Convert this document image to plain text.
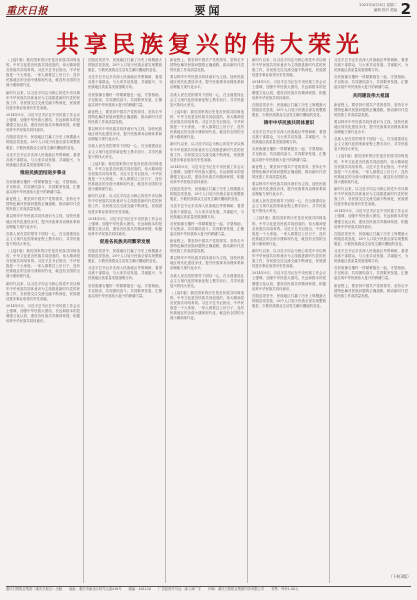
重庆日报	要闻	2023年4月25日 星期二
编辑 校对 美编 2
共享民族复兴的伟大荣光

（上接1版）我们国家的历史是各民族共同缔造的，中华文化是各民族共同创造的，伟大精神是各民族共同培育的。习近平总书记指出，中华民族是一个大家庭，一家人都要过上好日子，没有民族地区的全面小康和现代化，就没有全国的全面小康和现代化。

新时代以来，以习近平同志为核心的党中央以铸牢中华民族共同体意识为主线推进新时代党的民族工作，各民族交往交流交融不断深化，民族团结进步事业取得历史性成就。

2014年9月，习近平总书记在中央民族工作会议上强调，加强中华民族大团结，长远和根本的是增强文化认同，建设各民族共有精神家园，积极培养中华民族共同体意识。

在脱贫攻坚中，民族地区打赢了历史上规模最大的脱贫攻坚战，28个人口较少民族全部实现整族脱贫，少数民族群众生活发生翻天覆地的变化。

习近平总书记多次深入民族地区考察调研，看望各族干部群众，与大家共话发展、共谋振兴，为民族地区高质量发展指明方向。

推进民族团结进步事业

各民族像石榴籽一样紧紧抱在一起，守望相助、手足相亲，共同团结奋斗、共同繁荣发展，汇聚起实现中华民族伟大复兴的磅礴力量。

新征程上，要坚持中国共产党的领导，坚持走中国特色解决民族问题的正确道路，推动新时代党的民族工作高质量发展。

要以铸牢中华民族共同体意识为主线，加快民族地区现代化建设步伐，提升民族事务治理体系和治理能力现代化水平。

各族人民在党的领导下团结一心，在全面建设社会主义现代化国家新征程上携手前行，共享民族复兴的伟大荣光。

（上接1版）我们国家的历史是各民族共同缔造的，中华文化是各民族共同创造的，伟大精神是各民族共同培育的。习近平总书记指出，中华民族是一个大家庭，一家人都要过上好日子，没有民族地区的全面小康和现代化，就没有全国的全面小康和现代化。

新时代以来，以习近平同志为核心的党中央以铸牢中华民族共同体意识为主线推进新时代党的民族工作，各民族交往交流交融不断深化，民族团结进步事业取得历史性成就。

2014年9月，习近平总书记在中央民族工作会议上强调，加强中华民族大团结，长远和根本的是增强文化认同，建设各民族共有精神家园，积极培养中华民族共同体意识。

在脱贫攻坚中，民族地区打赢了历史上规模最大的脱贫攻坚战，28个人口较少民族全部实现整族脱贫，少数民族群众生活发生翻天覆地的变化。

习近平总书记多次深入民族地区考察调研，看望各族干部群众，与大家共话发展、共谋振兴，为民族地区高质量发展指明方向。

各民族像石榴籽一样紧紧抱在一起，守望相助、手足相亲，共同团结奋斗、共同繁荣发展，汇聚起实现中华民族伟大复兴的磅礴力量。

新征程上，要坚持中国共产党的领导，坚持走中国特色解决民族问题的正确道路，推动新时代党的民族工作高质量发展。

要以铸牢中华民族共同体意识为主线，加快民族地区现代化建设步伐，提升民族事务治理体系和治理能力现代化水平。

各族人民在党的领导下团结一心，在全面建设社会主义现代化国家新征程上携手前行，共享民族复兴的伟大荣光。

（上接1版）我们国家的历史是各民族共同缔造的，中华文化是各民族共同创造的，伟大精神是各民族共同培育的。习近平总书记指出，中华民族是一个大家庭，一家人都要过上好日子，没有民族地区的全面小康和现代化，就没有全国的全面小康和现代化。

新时代以来，以习近平同志为核心的党中央以铸牢中华民族共同体意识为主线推进新时代党的民族工作，各民族交往交流交融不断深化，民族团结进步事业取得历史性成就。

2014年9月，习近平总书记在中央民族工作会议上强调，加强中华民族大团结，长远和根本的是增强文化认同，建设各民族共有精神家园，积极培养中华民族共同体意识。

促进各民族共同繁荣发展

在脱贫攻坚中，民族地区打赢了历史上规模最大的脱贫攻坚战，28个人口较少民族全部实现整族脱贫，少数民族群众生活发生翻天覆地的变化。

习近平总书记多次深入民族地区考察调研，看望各族干部群众，与大家共话发展、共谋振兴，为民族地区高质量发展指明方向。

各民族像石榴籽一样紧紧抱在一起，守望相助、手足相亲，共同团结奋斗、共同繁荣发展，汇聚起实现中华民族伟大复兴的磅礴力量。

新征程上，要坚持中国共产党的领导，坚持走中国特色解决民族问题的正确道路，推动新时代党的民族工作高质量发展。

要以铸牢中华民族共同体意识为主线，加快民族地区现代化建设步伐，提升民族事务治理体系和治理能力现代化水平。

各族人民在党的领导下团结一心，在全面建设社会主义现代化国家新征程上携手前行，共享民族复兴的伟大荣光。

（上接1版）我们国家的历史是各民族共同缔造的，中华文化是各民族共同创造的，伟大精神是各民族共同培育的。习近平总书记指出，中华民族是一个大家庭，一家人都要过上好日子，没有民族地区的全面小康和现代化，就没有全国的全面小康和现代化。

新时代以来，以习近平同志为核心的党中央以铸牢中华民族共同体意识为主线推进新时代党的民族工作，各民族交往交流交融不断深化，民族团结进步事业取得历史性成就。

2014年9月，习近平总书记在中央民族工作会议上强调，加强中华民族大团结，长远和根本的是增强文化认同，建设各民族共有精神家园，积极培养中华民族共同体意识。

在脱贫攻坚中，民族地区打赢了历史上规模最大的脱贫攻坚战，28个人口较少民族全部实现整族脱贫，少数民族群众生活发生翻天覆地的变化。

习近平总书记多次深入民族地区考察调研，看望各族干部群众，与大家共话发展、共谋振兴，为民族地区高质量发展指明方向。

各民族像石榴籽一样紧紧抱在一起，守望相助、手足相亲，共同团结奋斗、共同繁荣发展，汇聚起实现中华民族伟大复兴的磅礴力量。

新征程上，要坚持中国共产党的领导，坚持走中国特色解决民族问题的正确道路，推动新时代党的民族工作高质量发展。

要以铸牢中华民族共同体意识为主线，加快民族地区现代化建设步伐，提升民族事务治理体系和治理能力现代化水平。

各族人民在党的领导下团结一心，在全面建设社会主义现代化国家新征程上携手前行，共享民族复兴的伟大荣光。

（上接1版）我们国家的历史是各民族共同缔造的，中华文化是各民族共同创造的，伟大精神是各民族共同培育的。习近平总书记指出，中华民族是一个大家庭，一家人都要过上好日子，没有民族地区的全面小康和现代化，就没有全国的全面小康和现代化。

新时代以来，以习近平同志为核心的党中央以铸牢中华民族共同体意识为主线推进新时代党的民族工作，各民族交往交流交融不断深化，民族团结进步事业取得历史性成就。

2014年9月，习近平总书记在中央民族工作会议上强调，加强中华民族大团结，长远和根本的是增强文化认同，建设各民族共有精神家园，积极培养中华民族共同体意识。

在脱贫攻坚中，民族地区打赢了历史上规模最大的脱贫攻坚战，28个人口较少民族全部实现整族脱贫，少数民族群众生活发生翻天覆地的变化。

铸牢中华民族共同体意识

习近平总书记多次深入民族地区考察调研，看望各族干部群众，与大家共话发展、共谋振兴，为民族地区高质量发展指明方向。

各民族像石榴籽一样紧紧抱在一起，守望相助、手足相亲，共同团结奋斗、共同繁荣发展，汇聚起实现中华民族伟大复兴的磅礴力量。

新征程上，要坚持中国共产党的领导，坚持走中国特色解决民族问题的正确道路，推动新时代党的民族工作高质量发展。

要以铸牢中华民族共同体意识为主线，加快民族地区现代化建设步伐，提升民族事务治理体系和治理能力现代化水平。

各族人民在党的领导下团结一心，在全面建设社会主义现代化国家新征程上携手前行，共享民族复兴的伟大荣光。

（上接1版）我们国家的历史是各民族共同缔造的，中华文化是各民族共同创造的，伟大精神是各民族共同培育的。习近平总书记指出，中华民族是一个大家庭，一家人都要过上好日子，没有民族地区的全面小康和现代化，就没有全国的全面小康和现代化。

新时代以来，以习近平同志为核心的党中央以铸牢中华民族共同体意识为主线推进新时代党的民族工作，各民族交往交流交融不断深化，民族团结进步事业取得历史性成就。

2014年9月，习近平总书记在中央民族工作会议上强调，加强中华民族大团结，长远和根本的是增强文化认同，建设各民族共有精神家园，积极培养中华民族共同体意识。

在脱贫攻坚中，民族地区打赢了历史上规模最大的脱贫攻坚战，28个人口较少民族全部实现整族脱贫，少数民族群众生活发生翻天覆地的变化。

习近平总书记多次深入民族地区考察调研，看望各族干部群众，与大家共话发展、共谋振兴，为民族地区高质量发展指明方向。

各民族像石榴籽一样紧紧抱在一起，守望相助、手足相亲，共同团结奋斗、共同繁荣发展，汇聚起实现中华民族伟大复兴的磅礴力量。

共同建设伟大祖国

新征程上，要坚持中国共产党的领导，坚持走中国特色解决民族问题的正确道路，推动新时代党的民族工作高质量发展。

要以铸牢中华民族共同体意识为主线，加快民族地区现代化建设步伐，提升民族事务治理体系和治理能力现代化水平。

各族人民在党的领导下团结一心，在全面建设社会主义现代化国家新征程上携手前行，共享民族复兴的伟大荣光。

（上接1版）我们国家的历史是各民族共同缔造的，中华文化是各民族共同创造的，伟大精神是各民族共同培育的。习近平总书记指出，中华民族是一个大家庭，一家人都要过上好日子，没有民族地区的全面小康和现代化，就没有全国的全面小康和现代化。

新时代以来，以习近平同志为核心的党中央以铸牢中华民族共同体意识为主线推进新时代党的民族工作，各民族交往交流交融不断深化，民族团结进步事业取得历史性成就。

2014年9月，习近平总书记在中央民族工作会议上强调，加强中华民族大团结，长远和根本的是增强文化认同，建设各民族共有精神家园，积极培养中华民族共同体意识。

在脱贫攻坚中，民族地区打赢了历史上规模最大的脱贫攻坚战，28个人口较少民族全部实现整族脱贫，少数民族群众生活发生翻天覆地的变化。

习近平总书记多次深入民族地区考察调研，看望各族干部群众，与大家共话发展、共谋振兴，为民族地区高质量发展指明方向。

各民族像石榴籽一样紧紧抱在一起，守望相助、手足相亲，共同团结奋斗、共同繁荣发展，汇聚起实现中华民族伟大复兴的磅礴力量。

新征程上，要坚持中国共产党的领导，坚持走中国特色解决民族问题的正确道路，推动新时代党的民族工作高质量发展。

（下转3版）
重庆日报报业集团（重庆日报社）出版 地址：重庆市渝北区同茂大道416号 邮编：401120 广告经营许可证：渝工商广字 印刷：重庆日报报业集团印务有限公司 零售：每份1.00元
